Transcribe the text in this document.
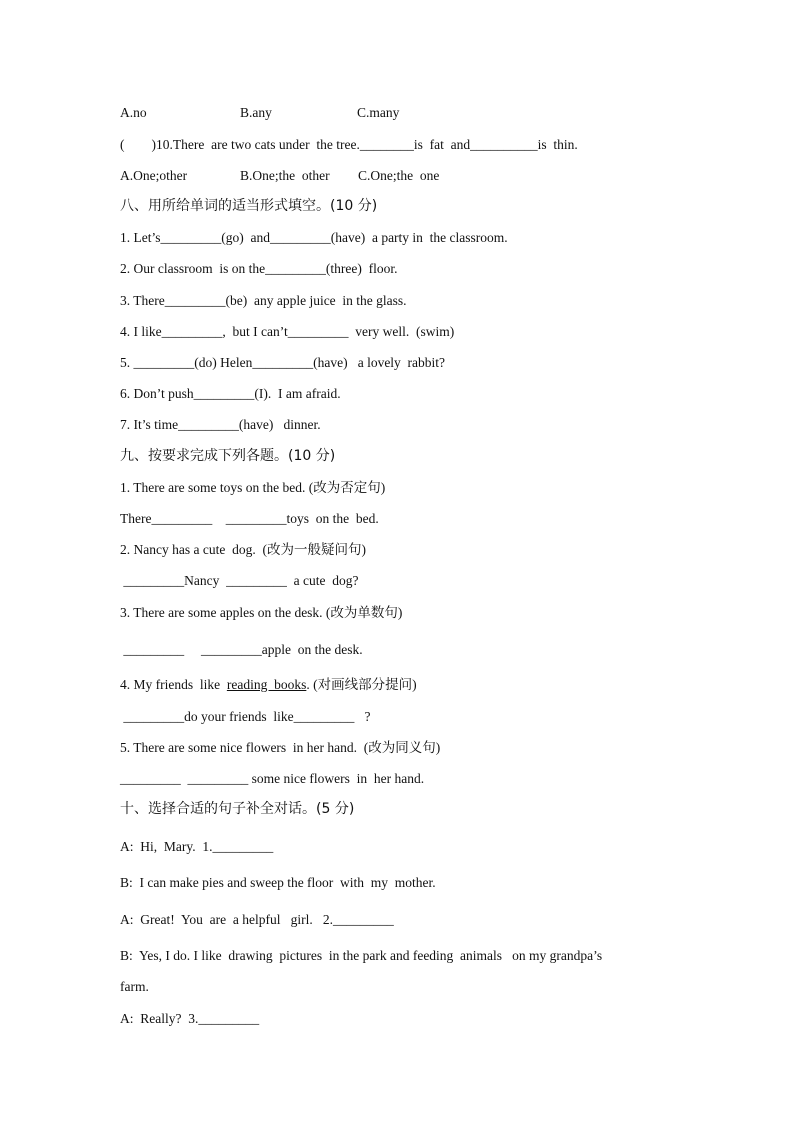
A.no	B.any	C.many
(        )10.There  are two cats under  the tree.________is  fat  and__________is  thin.
A.One;other	B.One;the  other C.One;the  one
八、用所给单词的适当形式填空。(10 分)
1. Let’s_________(go)  and_________(have)  a party in  the classroom.
2. Our classroom  is on the_________(three)  floor.
3. There_________(be)  any apple juice  in the glass.
4. I like_________,  but I can’t_________  very well.  (swim)
5. _________(do) Helen_________(have)   a lovely  rabbit?
6. Don’t push_________(I).  I am afraid.
7. It’s time_________(have)   dinner.
九、按要求完成下列各题。(10 分)
1. There are some toys on the bed. (改为否定句)
There_________    _________toys  on the  bed.
2. Nancy has a cute  dog.  (改为一般疑问句)
_________Nancy  _________  a cute  dog?
3. There are some apples on the desk. (改为单数句)
_________     _________apple  on the desk.
4. My friends  like  reading  books. (对画线部分提问)
_________do your friends  like_________   ?
5. There are some nice flowers  in her hand.  (改为同义句)
_________  _________ some nice flowers  in  her hand.
十、选择合适的句子补全对话。(5 分)
A:  Hi,  Mary.  1._________
B:  I can make pies and sweep the floor  with  my  mother.
A:  Great!  You  are  a helpful   girl.   2._________
B:  Yes, I do. I like  drawing  pictures  in the park and feeding  animals   on my grandpa’s
farm.
A:  Really?  3._________
